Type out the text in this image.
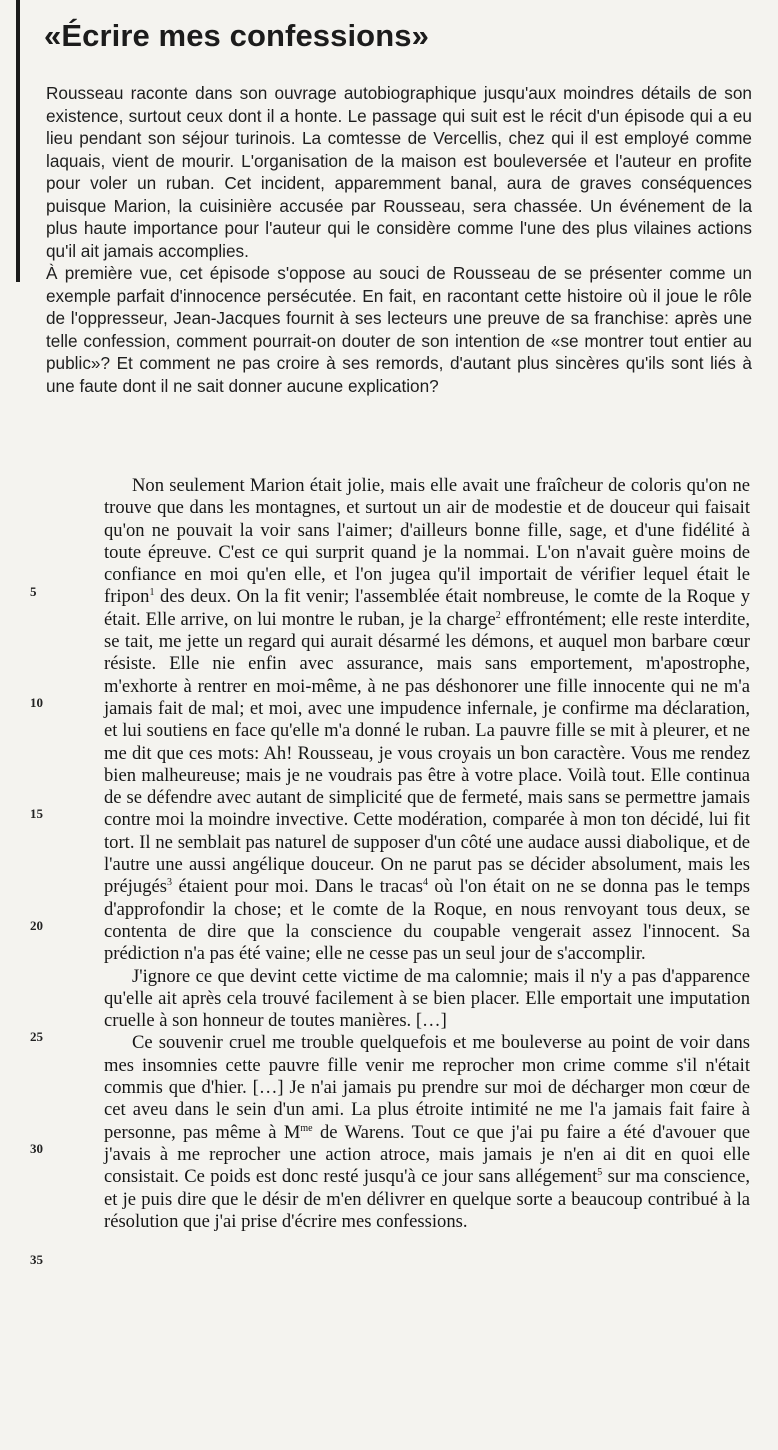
«Écrire mes confessions»

Rousseau raconte dans son ouvrage autobiographique jusqu'aux moindres détails de son existence, surtout ceux dont il a honte. Le passage qui suit est le récit d'un épisode qui a eu lieu pendant son séjour turinois. La comtesse de Vercellis, chez qui il est employé comme laquais, vient de mourir. L'organisation de la maison est bouleversée et l'auteur en profite pour voler un ruban. Cet incident, apparemment banal, aura de graves conséquences puisque Marion, la cuisinière accusée par Rousseau, sera chassée. Un événement de la plus haute importance pour l'auteur qui le considère comme l'une des plus vilaines actions qu'il ait jamais accomplies.

À première vue, cet épisode s'oppose au souci de Rousseau de se présenter comme un exemple parfait d'innocence persécutée. En fait, en racontant cette histoire où il joue le rôle de l'oppresseur, Jean-Jacques fournit à ses lecteurs une preuve de sa franchise: après une telle confession, comment pourrait-on douter de son intention de «se montrer tout entier au public»? Et comment ne pas croire à ses remords, d'autant plus sincères qu'ils sont liés à une faute dont il ne sait donner aucune explication?

5
10
15
20
25
30
35

Non seulement Marion était jolie, mais elle avait une fraîcheur de coloris qu'on ne trouve que dans les montagnes, et surtout un air de modestie et de douceur qui faisait qu'on ne pouvait la voir sans l'aimer; d'ailleurs bonne fille, sage, et d'une fidélité à toute épreuve. C'est ce qui surprit quand je la nommai. L'on n'avait guère moins de confiance en moi qu'en elle, et l'on jugea qu'il importait de vérifier lequel était le fripon$^1$ des deux. On la fit venir; l'assemblée était nombreuse, le comte de la Roque y était. Elle arrive, on lui montre le ruban, je la charge$^2$ effrontément; elle reste interdite, se tait, me jette un regard qui aurait désarmé les démons, et auquel mon barbare cœur résiste. Elle nie enfin avec assurance, mais sans emportement, m'apostrophe, m'exhorte à rentrer en moi-même, à ne pas déshonorer une fille innocente qui ne m'a jamais fait de mal; et moi, avec une impudence infernale, je confirme ma déclaration, et lui soutiens en face qu'elle m'a donné le ruban. La pauvre fille se mit à pleurer, et ne me dit que ces mots: Ah! Rousseau, je vous croyais un bon caractère. Vous me rendez bien malheureuse; mais je ne voudrais pas être à votre place. Voilà tout. Elle continua de se défendre avec autant de simplicité que de fermeté, mais sans se permettre jamais contre moi la moindre invective. Cette modération, comparée à mon ton décidé, lui fit tort. Il ne semblait pas naturel de supposer d'un côté une audace aussi diabolique, et de l'autre une aussi angélique douceur. On ne parut pas se décider absolument, mais les préjugés$^3$ étaient pour moi. Dans le tracas$^4$ où l'on était on ne se donna pas le temps d'approfondir la chose; et le comte de la Roque, en nous renvoyant tous deux, se contenta de dire que la conscience du coupable vengerait assez l'innocent. Sa prédiction n'a pas été vaine; elle ne cesse pas un seul jour de s'accomplir.

J'ignore ce que devint cette victime de ma calomnie; mais il n'y a pas d'apparence qu'elle ait après cela trouvé facilement à se bien placer. Elle emportait une imputation cruelle à son honneur de toutes manières. […]

Ce souvenir cruel me trouble quelquefois et me bouleverse au point de voir dans mes insomnies cette pauvre fille venir me reprocher mon crime comme s'il n'était commis que d'hier. […] Je n'ai jamais pu prendre sur moi de décharger mon cœur de cet aveu dans le sein d'un ami. La plus étroite intimité ne me l'a jamais fait faire à personne, pas même à $M^{me}$ de Warens. Tout ce que j'ai pu faire a été d'avouer que j'avais à me reprocher une action atroce, mais jamais je n'en ai dit en quoi elle consistait. Ce poids est donc resté jusqu'à ce jour sans allégement$^5$ sur ma conscience, et je puis dire que le désir de m'en délivrer en quelque sorte a beaucoup contribué à la résolution que j'ai prise d'écrire mes confessions.
